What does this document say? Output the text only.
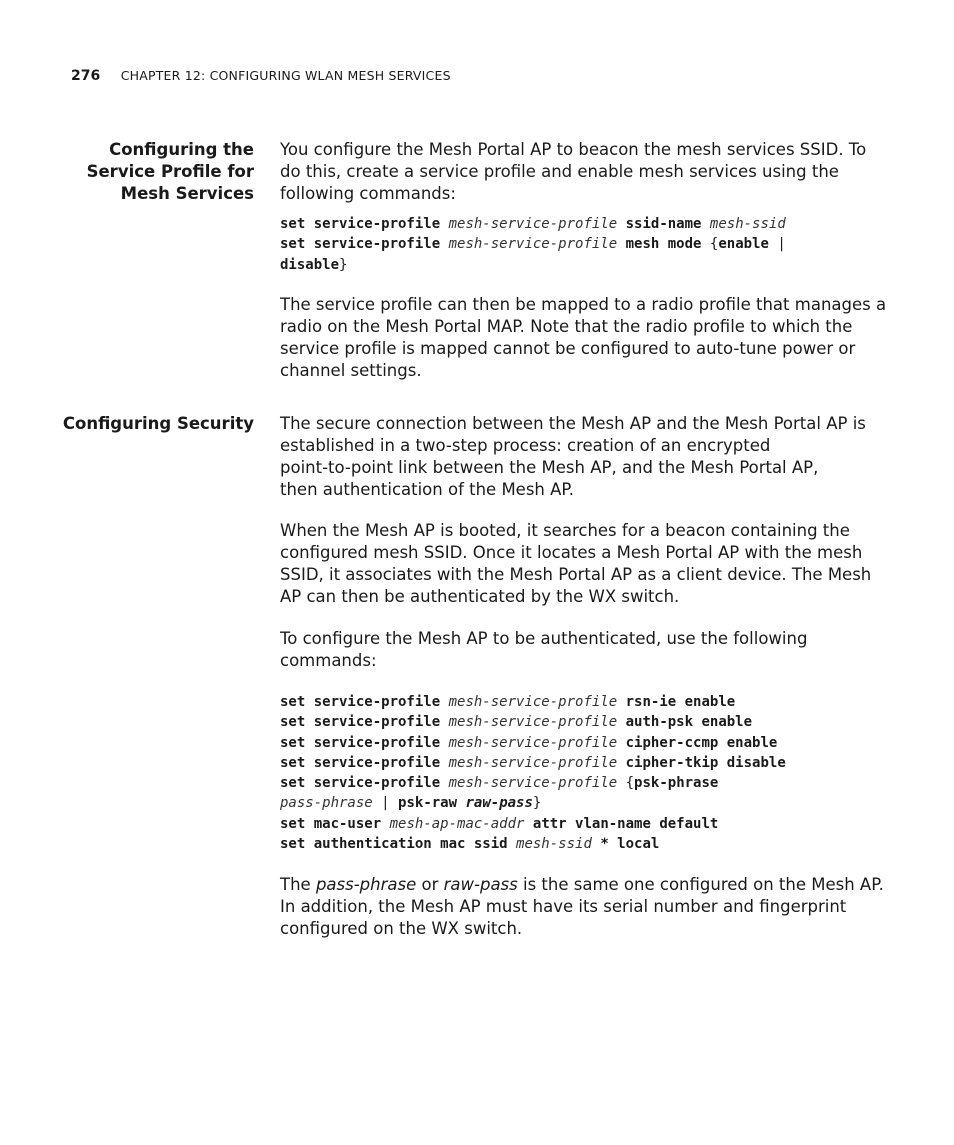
276 CHAPTER 12: CONFIGURING WLAN MESH SERVICES
Configuring the
Service Profile for
Mesh Services

You configure the Mesh Portal AP to beacon the mesh services SSID. To
do this, create a service profile and enable mesh services using the
following commands:

set service-profile mesh-service-profile ssid-name mesh-ssid
set service-profile mesh-service-profile mesh mode {enable |
disable}

The service profile can then be mapped to a radio profile that manages a
radio on the Mesh Portal MAP. Note that the radio profile to which the
service profile is mapped cannot be configured to auto-tune power or
channel settings.

Configuring Security The secure connection between the Mesh AP and the Mesh Portal AP is
established in a two-step process: creation of an encrypted
point-to-point link between the Mesh AP, and the Mesh Portal AP,
then authentication of the Mesh AP.

When the Mesh AP is booted, it searches for a beacon containing the
configured mesh SSID. Once it locates a Mesh Portal AP with the mesh
SSID, it associates with the Mesh Portal AP as a client device. The Mesh
AP can then be authenticated by the WX switch.

To configure the Mesh AP to be authenticated, use the following
commands:

set service-profile mesh-service-profile rsn-ie enable
set service-profile mesh-service-profile auth-psk enable
set service-profile mesh-service-profile cipher-ccmp enable
set service-profile mesh-service-profile cipher-tkip disable
set service-profile mesh-service-profile {psk-phrase
pass-phrase | psk-raw raw-pass}
set mac-user mesh-ap-mac-addr attr vlan-name default
set authentication mac ssid mesh-ssid * local

The pass-phrase or raw-pass is the same one configured on the Mesh AP.
In addition, the Mesh AP must have its serial number and fingerprint
configured on the WX switch.
